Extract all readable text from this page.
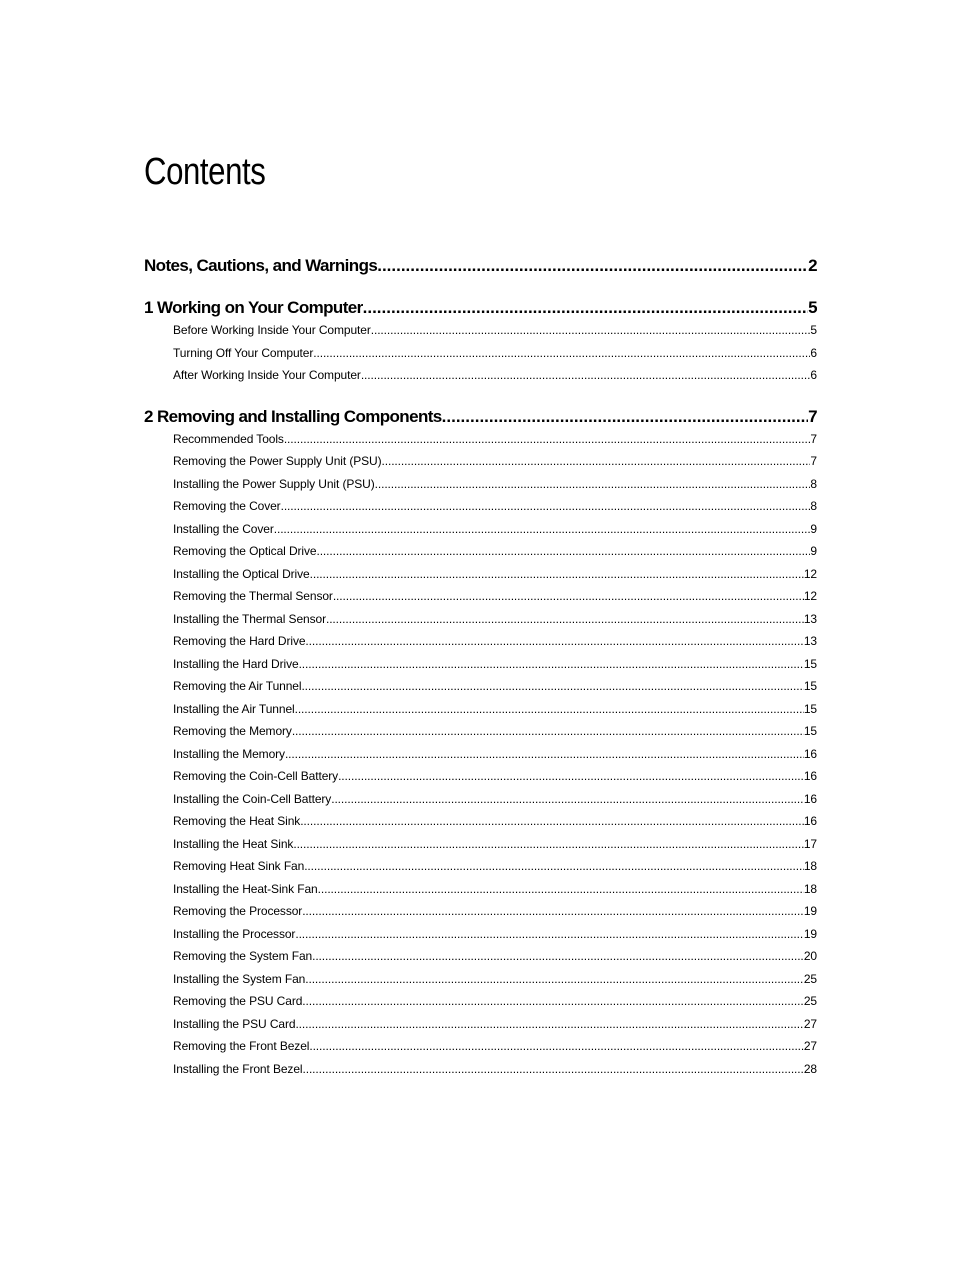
Contents
Notes, Cautions, and Warnings .....	2
1 Working on Your Computer .....	5
Before Working Inside Your Computer .....	5
Turning Off Your Computer .....	6
After Working Inside Your Computer .....	6
2 Removing and Installing Components .....	7
Recommended Tools .....	7
Removing the Power Supply Unit (PSU) .....	7
Installing the Power Supply Unit (PSU) .....	8
Removing the Cover .....	8
Installing the Cover .....	9
Removing the Optical Drive .....	9
Installing the Optical Drive .....	12
Removing the Thermal Sensor .....	12
Installing the Thermal Sensor .....	13
Removing the Hard Drive .....	13
Installing the Hard Drive .....	15
Removing the Air Tunnel .....	15
Installing the Air Tunnel .....	15
Removing the Memory .....	15
Installing the Memory .....	16
Removing the Coin-Cell Battery .....	16
Installing the Coin-Cell Battery .....	16
Removing the Heat Sink .....	16
Installing the Heat Sink .....	17
Removing Heat Sink Fan .....	18
Installing the Heat-Sink Fan .....	18
Removing the Processor .....	19
Installing the Processor .....	19
Removing the System Fan .....	20
Installing the System Fan .....	25
Removing the PSU Card .....	25
Installing the PSU Card .....	27
Removing the Front Bezel .....	27
Installing the Front Bezel .....	28
